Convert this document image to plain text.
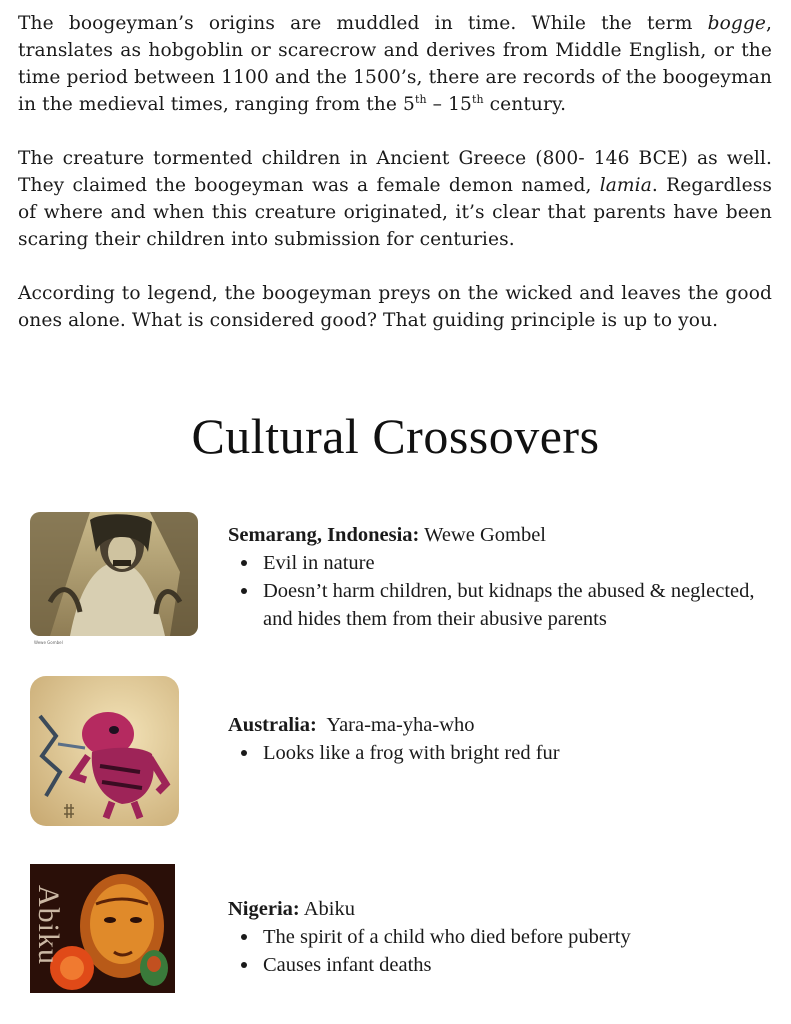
The boogeyman’s origins are muddled in time. While the term bogge, translates as hobgoblin or scarecrow and derives from Middle English, or the time period between 1100 and the 1500’s, there are records of the boogeyman in the medieval times, ranging from the 5th – 15th century.

The creature tormented children in Ancient Greece (800- 146 BCE) as well. They claimed the boogeyman was a female demon named, lamia. Regardless of where and when this creature originated, it’s clear that parents have been scaring their children into submission for centuries.

According to legend, the boogeyman preys on the wicked and leaves the good ones alone. What is considered good? That guiding principle is up to you.

Cultural Crossovers
Wewe Gombel

Semarang, Indonesia: Wewe Gombel

Evil in nature
Doesn’t harm children, but kidnaps the abused & neglected, and hides them from their abusive parents

Australia:  Yara-ma-yha-who

Looks like a frog with bright red fur
Abiku	Nigeria: Abiku

The spirit of a child who died before puberty
Causes infant deaths
